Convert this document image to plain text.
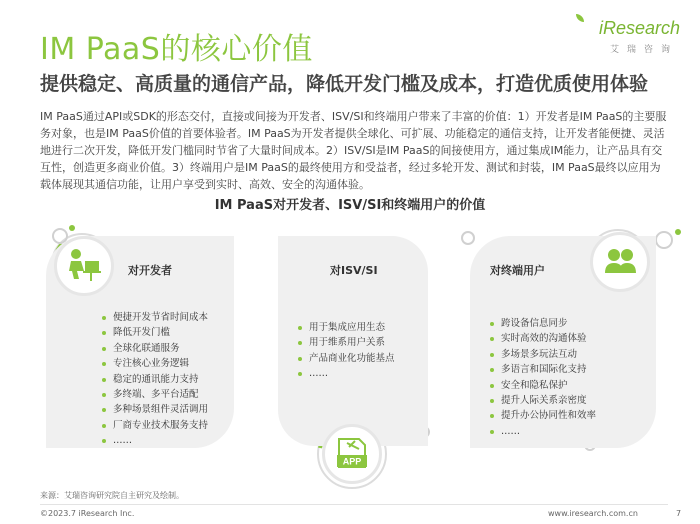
IM PaaS的核心价值
提供稳定、高质量的通信产品，降低开发门槛及成本，打造优质使用体验
iResearch
艾瑞咨询
IM PaaS通过API或SDK的形态交付，直接或间接为开发者、ISV/SI和终端用户带来了丰富的价值：1）开发者是IM PaaS的主要服务对象，也是IM PaaS价值的首要体验者。IM PaaS为开发者提供全球化、可扩展、功能稳定的通信支持，让开发者能便捷、灵活地进行二次开发，降低开发门槛同时节省了大量时间成本。2）ISV/SI是IM PaaS的间接使用方，通过集成IM能力，让产品具有交互性，创造更多商业价值。3）终端用户是IM PaaS的最终使用方和受益者，经过多轮开发、测试和封装，IM PaaS最终以应用为载体展现其通信功能，让用户享受到实时、高效、安全的沟通体验。
IM PaaS对开发者、ISV/SI和终端用户的价值
对开发者
便捷开发节省时间成本
降低开发门槛
全球化联通服务
专注核心业务逻辑
稳定的通讯能力支持
多终端、多平台适配
多种场景组件灵活调用
厂商专业技术服务支持
……
对ISV/SI
用于集成应用生态
用于维系用户关系
产品商业化功能基点
……
APP
对终端用户
跨设备信息同步
实时高效的沟通体验
多场景多玩法互动
多语言和国际化支持
安全和隐私保护
提升人际关系亲密度
提升办公协同性和效率
……
来源：艾瑞咨询研究院自主研究及绘制。
©2023.7 iResearch Inc.	www.iresearch.com.cn	7
